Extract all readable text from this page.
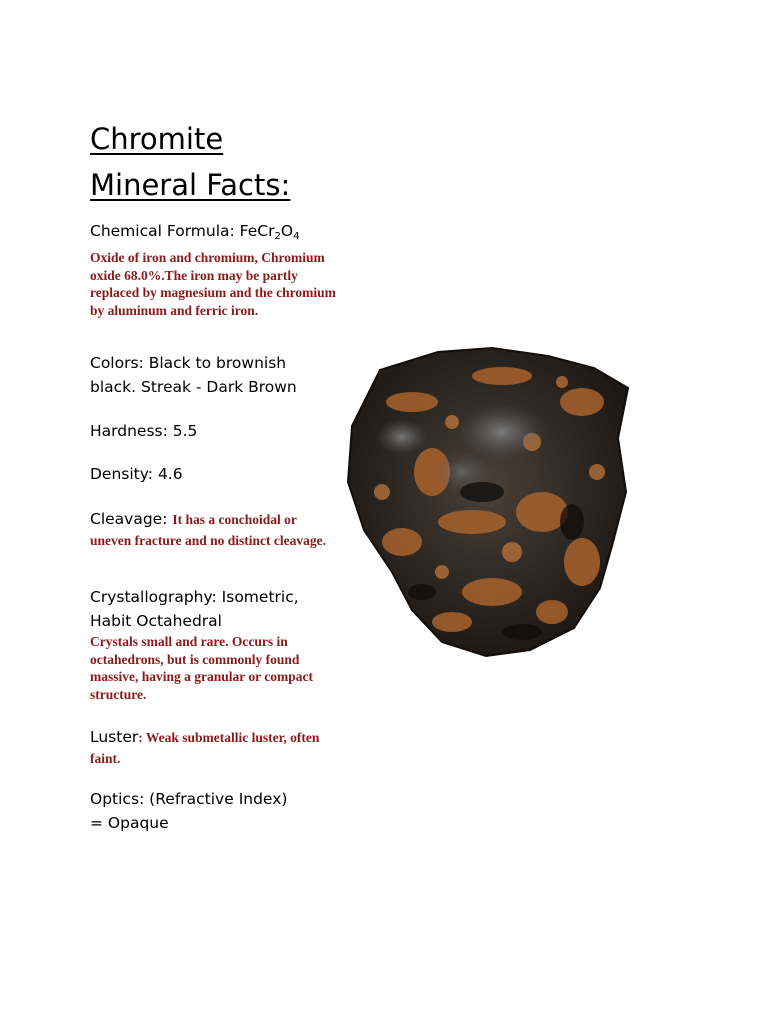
Chromite
Mineral Facts:
Chemical Formula: $FeCr_2O_4$
Oxide of iron and chromium, Chromium oxide 68.0%.The iron may be partly replaced by magnesium and the chromium by aluminum and ferric iron.
Colors: Black to brownish
black. Streak - Dark Brown
Hardness: 5.5
Density: 4.6
Cleavage: It has a conchoidal or uneven fracture and no distinct cleavage.
Crystallography: Isometric,
Habit Octahedral
Crystals small and rare. Occurs in octahedrons, but is commonly found massive, having a granular or compact structure.
Luster: Weak submetallic luster, often faint.
Optics: (Refractive Index)
= Opaque
